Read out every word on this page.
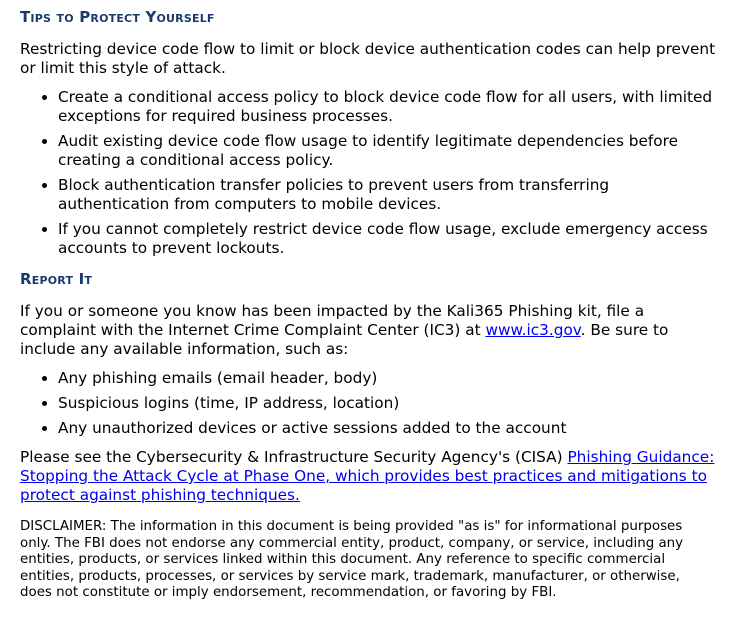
Tips to Protect Yourself

Restricting device code flow to limit or block device authentication codes can help prevent or limit this style of attack.

• Create a conditional access policy to block device code flow for all users, with limited exceptions for required business processes.
• Audit existing device code flow usage to identify legitimate dependencies before creating a conditional access policy.
• Block authentication transfer policies to prevent users from transferring authentication from computers to mobile devices.
• If you cannot completely restrict device code flow usage, exclude emergency access accounts to prevent lockouts.
Report It

If you or someone you know has been impacted by the Kali365 Phishing kit, file a complaint with the Internet Crime Complaint Center (IC3) at www.ic3.gov. Be sure to include any available information, such as:

• Any phishing emails (email header, body)
• Suspicious logins (time, IP address, location)
• Any unauthorized devices or active sessions added to the account

Please see the Cybersecurity & Infrastructure Security Agency's (CISA) Phishing Guidance: Stopping the Attack Cycle at Phase One, which provides best practices and mitigations to protect against phishing techniques.

DISCLAIMER: The information in this document is being provided "as is" for informational purposes only. The FBI does not endorse any commercial entity, product, company, or service, including any entities, products, or services linked within this document. Any reference to specific commercial entities, products, processes, or services by service mark, trademark, manufacturer, or otherwise, does not constitute or imply endorsement, recommendation, or favoring by FBI.
